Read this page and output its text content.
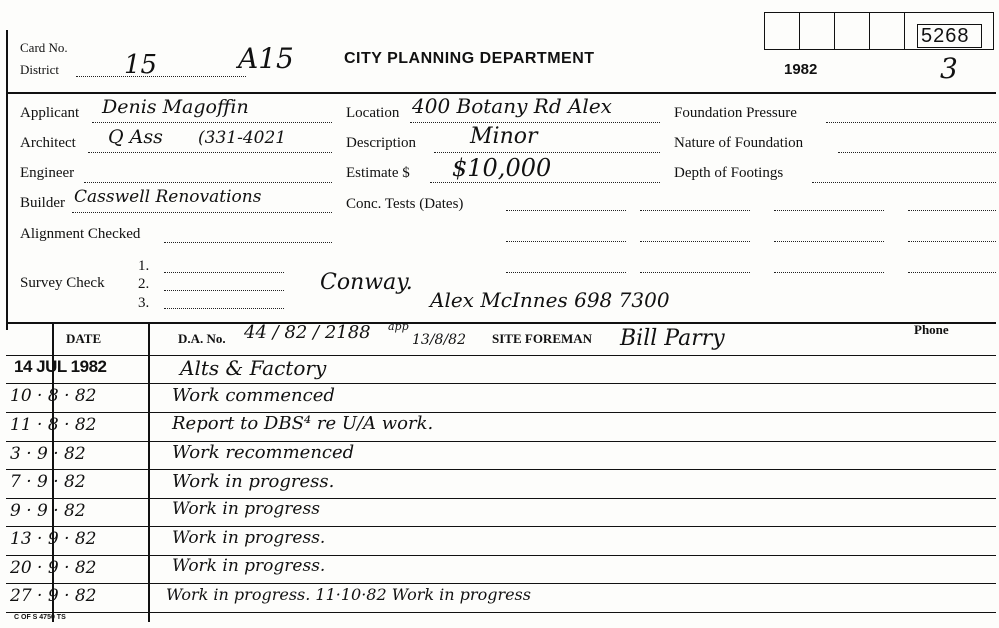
Card No.
District	15	A15	CITY PLANNING DEPARTMENT
1982	3
5268
Applicant Denis Magoffin
Architect Q Ass (331-4021
Engineer
Builder Casswell Renovations
Alignment Checked
Survey Check
1.
2.
3.
Location 400 Botany Rd Alex
Description Minor
Estimate $ $10,000
Conc. Tests (Dates)
Foundation Pressure
Nature of Foundation
Depth of Footings
Conway.
Alex McInnes 698 7300
DATE	D.A. No. 44 / 82 / 2188 app
13/8/82 SITE FOREMAN Bill Parry	Phone
14 JUL 1982	Alts & Factory
10 · 8 · 82	Work commenced
11 · 8 · 82	Report to DBS⁴ re U/A work.
3 · 9 · 82	Work recommenced
7 · 9 · 82	Work in progress.
9 · 9 · 82	Work in progress
13 · 9 · 82	Work in progress.
20 · 9 · 82	Work in progress.
27 · 9 · 82	Work in progress. 11·10·82 Work in progress
C OF S 4750 TS
